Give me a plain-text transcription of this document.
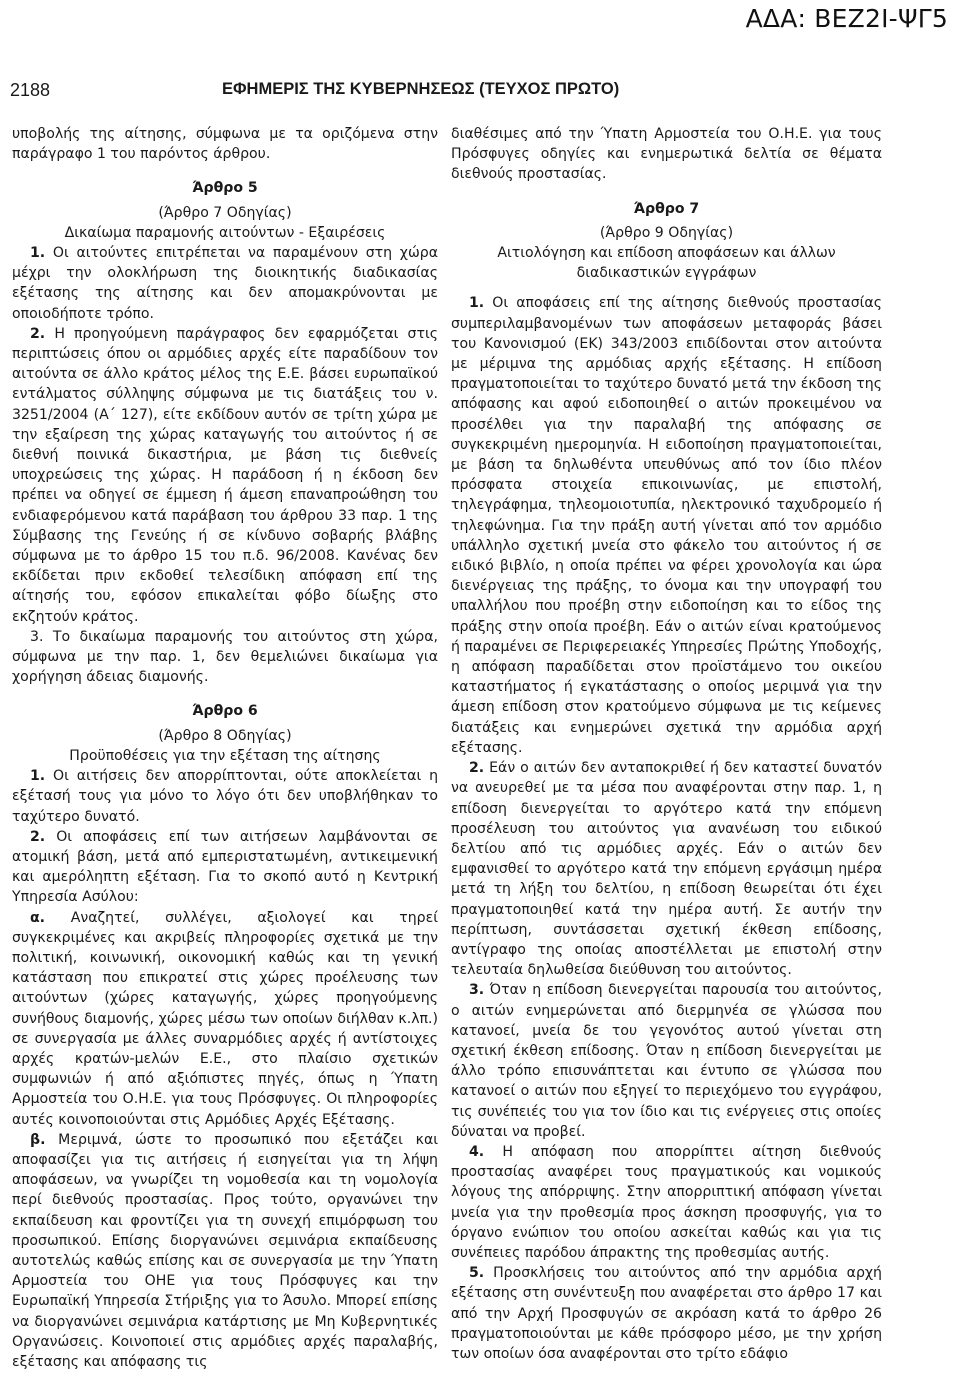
ΑΔΑ: ΒΕΖ2Ι-ΨΓ5
2188	ΕΦΗΜΕΡΙΣ ΤΗΣ ΚΥΒΕΡΝΗΣΕΩΣ (ΤΕΥΧΟΣ ΠΡΩΤΟ)

υποβολής της αίτησης, σύμφωνα με τα οριζόμενα στην παράγραφο 1 του παρόντος άρθρου.

Άρθρο 5

(Άρθρο 7 Οδηγίας)

Δικαίωμα παραμονής αιτούντων - Εξαιρέσεις

1. Οι αιτούντες επιτρέπεται να παραμένουν στη χώρα μέχρι την ολοκλήρωση της διοικητικής διαδικασίας εξέτασης της αίτησης και δεν απομακρύνονται με οποιοδήποτε τρόπο.

2. Η προηγούμενη παράγραφος δεν εφαρμόζεται στις περιπτώσεις όπου οι αρμόδιες αρχές είτε παραδίδουν τον αιτούντα σε άλλο κράτος μέλος της Ε.Ε. βάσει ευρωπαϊκού εντάλματος σύλληψης σύμφωνα με τις διατάξεις του ν. 3251/2004 (Α΄ 127), είτε εκδίδουν αυτόν σε τρίτη χώρα με την εξαίρεση της χώρας καταγωγής του αιτούντος ή σε διεθνή ποινικά δικαστήρια, με βάση τις διεθνείς υποχρεώσεις της χώρας. Η παράδοση ή η έκδοση δεν πρέπει να οδηγεί σε έμμεση ή άμεση επαναπροώθηση του ενδιαφερόμενου κατά παράβαση του άρθρου 33 παρ. 1 της Σύμβασης της Γενεύης ή σε κίνδυνο σοβαρής βλάβης σύμφωνα με το άρθρο 15 του π.δ. 96/2008. Κανένας δεν εκδίδεται πριν εκδοθεί τελεσίδικη απόφαση επί της αίτησής του, εφόσον επικαλείται φόβο δίωξης στο εκζητούν κράτος.

3. Το δικαίωμα παραμονής του αιτούντος στη χώρα, σύμφωνα με την παρ. 1, δεν θεμελιώνει δικαίωμα για χορήγηση άδειας διαμονής.

Άρθρο 6

(Άρθρο 8 Οδηγίας)

Προϋποθέσεις για την εξέταση της αίτησης

1. Οι αιτήσεις δεν απορρίπτονται, ούτε αποκλείεται η εξέτασή τους για μόνο το λόγο ότι δεν υποβλήθηκαν το ταχύτερο δυνατό.

2. Οι αποφάσεις επί των αιτήσεων λαμβάνονται σε ατομική βάση, μετά από εμπεριστατωμένη, αντικειμενική και αμερόληπτη εξέταση. Για το σκοπό αυτό η Κεντρική Υπηρεσία Ασύλου:

α. Αναζητεί, συλλέγει, αξιολογεί και τηρεί συγκεκριμένες και ακριβείς πληροφορίες σχετικά με την πολιτική, κοινωνική, οικονομική καθώς και τη γενική κατάσταση που επικρατεί στις χώρες προέλευσης των αιτούντων (χώρες καταγωγής, χώρες προηγούμενης συνήθους διαμονής, χώρες μέσω των οποίων διήλθαν κ.λπ.) σε συνεργασία με άλλες συναρμόδιες αρχές ή αντίστοιχες αρχές κρατών-μελών Ε.Ε., στο πλαίσιο σχετικών συμφωνιών ή από αξιόπιστες πηγές, όπως η Ύπατη Αρμοστεία του Ο.Η.Ε. για τους Πρόσφυγες. Οι πληροφορίες αυτές κοινοποιούνται στις Αρμόδιες Αρχές Εξέτασης.

β. Μεριμνά, ώστε το προσωπικό που εξετάζει και αποφασίζει για τις αιτήσεις ή εισηγείται για τη λήψη αποφάσεων, να γνωρίζει τη νομοθεσία και τη νομολογία περί διεθνούς προστασίας. Προς τούτο, οργανώνει την εκπαίδευση και φροντίζει για τη συνεχή επιμόρφωση του προσωπικού. Επίσης διοργανώνει σεμινάρια εκπαίδευσης αυτοτελώς καθώς επίσης και σε συνεργασία με την Ύπατη Αρμοστεία του ΟΗΕ για τους Πρόσφυγες και την Ευρωπαϊκή Υπηρεσία Στήριξης για το Άσυλο. Μπορεί επίσης να διοργανώνει σεμινάρια κατάρτισης με Μη Κυβερνητικές Οργανώσεις. Κοινοποιεί στις αρμόδιες αρχές παραλαβής, εξέτασης και απόφασης τις

διαθέσιμες από την Ύπατη Αρμοστεία του Ο.Η.Ε. για τους Πρόσφυγες οδηγίες και ενημερωτικά δελτία σε θέματα διεθνούς προστασίας.

Άρθρο 7

(Άρθρο 9 Οδηγίας)

Αιτιολόγηση και επίδοση αποφάσεων και άλλων διαδικαστικών εγγράφων

1. Οι αποφάσεις επί της αίτησης διεθνούς προστασίας συμπεριλαμβανομένων των αποφάσεων μεταφοράς βάσει του Κανονισμού (ΕΚ) 343/2003 επιδίδονται στον αιτούντα με μέριμνα της αρμόδιας αρχής εξέτασης. Η επίδοση πραγματοποιείται το ταχύτερο δυνατό μετά την έκδοση της απόφασης και αφού ειδοποιηθεί ο αιτών προκειμένου να προσέλθει για την παραλαβή της απόφασης σε συγκεκριμένη ημερομηνία. Η ειδοποίηση πραγματοποιείται, με βάση τα δηλωθέντα υπευθύνως από τον ίδιο πλέον πρόσφατα στοιχεία επικοινωνίας, με επιστολή, τηλεγράφημα, τηλεομοιοτυπία, ηλεκτρονικό ταχυδρομείο ή τηλεφώνημα. Για την πράξη αυτή γίνεται από τον αρμόδιο υπάλληλο σχετική μνεία στο φάκελο του αιτούντος ή σε ειδικό βιβλίο, η οποία πρέπει να φέρει χρονολογία και ώρα διενέργειας της πράξης, το όνομα και την υπογραφή του υπαλλήλου που προέβη στην ειδοποίηση και το είδος της πράξης στην οποία προέβη. Εάν ο αιτών είναι κρατούμενος ή παραμένει σε Περιφερειακές Υπηρεσίες Πρώτης Υποδοχής, η απόφαση παραδίδεται στον προϊστάμενο του οικείου καταστήματος ή εγκατάστασης ο οποίος μεριμνά για την άμεση επίδοση στον κρατούμενο σύμφωνα με τις κείμενες διατάξεις και ενημερώνει σχετικά την αρμόδια αρχή εξέτασης.

2. Εάν ο αιτών δεν ανταποκριθεί ή δεν καταστεί δυνατόν να ανευρεθεί με τα μέσα που αναφέρονται στην παρ. 1, η επίδοση διενεργείται το αργότερο κατά την επόμενη προσέλευση του αιτούντος για ανανέωση του ειδικού δελτίου από τις αρμόδιες αρχές. Εάν ο αιτών δεν εμφανισθεί το αργότερο κατά την επόμενη εργάσιμη ημέρα μετά τη λήξη του δελτίου, η επίδοση θεωρείται ότι έχει πραγματοποιηθεί κατά την ημέρα αυτή. Σε αυτήν την περίπτωση, συντάσσεται σχετική έκθεση επίδοσης, αντίγραφο της οποίας αποστέλλεται με επιστολή στην τελευταία δηλωθείσα διεύθυνση του αιτούντος.

3. Όταν η επίδοση διενεργείται παρουσία του αιτούντος, ο αιτών ενημερώνεται από διερμηνέα σε γλώσσα που κατανοεί, μνεία δε του γεγονότος αυτού γίνεται στη σχετική έκθεση επίδοσης. Όταν η επίδοση διενεργείται με άλλο τρόπο επισυνάπτεται και έντυπο σε γλώσσα που κατανοεί ο αιτών που εξηγεί το περιεχόμενο του εγγράφου, τις συνέπειές του για τον ίδιο και τις ενέργειες στις οποίες δύναται να προβεί.

4. Η απόφαση που απορρίπτει αίτηση διεθνούς προστασίας αναφέρει τους πραγματικούς και νομικούς λόγους της απόρριψης. Στην απορριπτική απόφαση γίνεται μνεία για την προθεσμία προς άσκηση προσφυγής, για το όργανο ενώπιον του οποίου ασκείται καθώς και για τις συνέπειες παρόδου άπρακτης της προθεσμίας αυτής.

5. Προσκλήσεις του αιτούντος από την αρμόδια αρχή εξέτασης στη συνέντευξη που αναφέρεται στο άρθρο 17 και από την Αρχή Προσφυγών σε ακρόαση κατά το άρθρο 26 πραγματοποιούνται με κάθε πρόσφορο μέσο, με την χρήση των οποίων όσα αναφέρονται στο τρίτο εδάφιο
